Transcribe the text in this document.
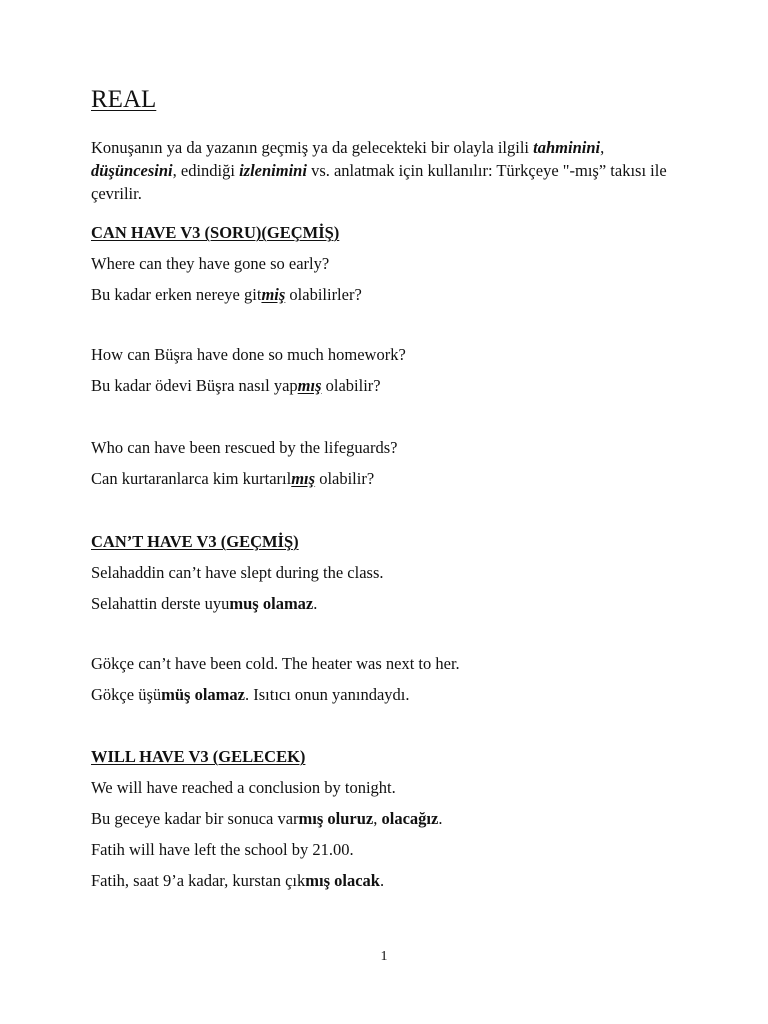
REAL
Konuşanın ya da yazanın geçmiş ya da gelecekteki bir olayla ilgili tahminini, düşüncesini, edindiği izlenimini vs. anlatmak için kullanılır: Türkçeye "-mış” takısı ile çevrilir.
CAN HAVE V3 (SORU)(GEÇMİŞ)
Where can they have gone so early?
Bu kadar erken nereye gitmiş olabilirler?
How can Büşra have done so much homework?
Bu kadar ödevi Büşra nasıl yapmış olabilir?
Who can have been rescued by the lifeguards?
Can kurtaranlarca kim kurtarılmış olabilir?
CAN’T HAVE V3 (GEÇMİŞ)
Selahaddin can’t have slept during the class.
Selahattin derste uyumuş olamaz.
Gökçe can’t have been cold. The heater was next to her.
Gökçe üşümüş olamaz. Isıtıcı onun yanındaydı.
WILL HAVE V3 (GELECEK)
We will have reached a conclusion by tonight.
Bu geceye kadar bir sonuca varmış oluruz, olacağız.
Fatih will have left the school by 21.00.
Fatih, saat 9’a kadar, kurstan çıkmış olacak.
1
